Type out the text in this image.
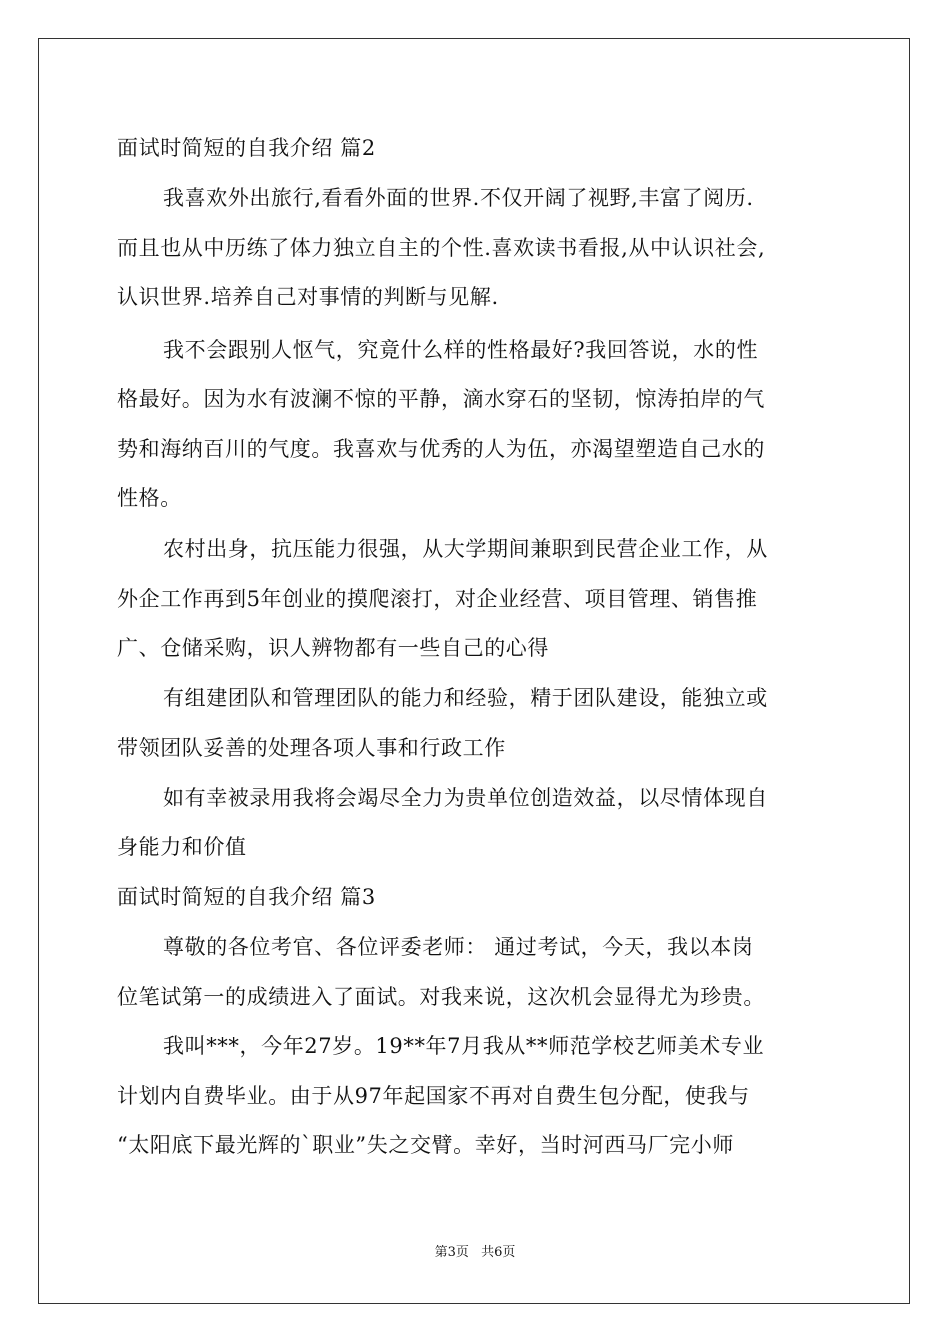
面试时简短的自我介绍 篇2
我喜欢外出旅行,看看外面的世界.不仅开阔了视野,丰富了阅历.
而且也从中历练了体力独立自主的个性.喜欢读书看报,从中认识社会,
认识世界.培养自己对事情的判断与见解.
我不会跟别人怄气，究竟什么样的性格最好?我回答说，水的性
格最好。因为水有波澜不惊的平静，滴水穿石的坚韧，惊涛拍岸的气
势和海纳百川的气度。我喜欢与优秀的人为伍，亦渴望塑造自己水的
性格。
农村出身，抗压能力很强，从大学期间兼职到民营企业工作，从
外企工作再到5年创业的摸爬滚打，对企业经营、项目管理、销售推
广、仓储采购，识人辨物都有一些自己的心得
有组建团队和管理团队的能力和经验，精于团队建设，能独立或
带领团队妥善的处理各项人事和行政工作
如有幸被录用我将会竭尽全力为贵单位创造效益，以尽情体现自
身能力和价值
面试时简短的自我介绍 篇3
尊敬的各位考官、各位评委老师： 通过考试，今天，我以本岗
位笔试第一的成绩进入了面试。对我来说，这次机会显得尤为珍贵。
我叫***，今年27岁。19**年7月我从**师范学校艺师美术专业
计划内自费毕业。由于从97年起国家不再对自费生包分配，使我与
“太阳底下最光辉的`职业”失之交臂。幸好，当时河西马厂完小师
第3页 共6页
